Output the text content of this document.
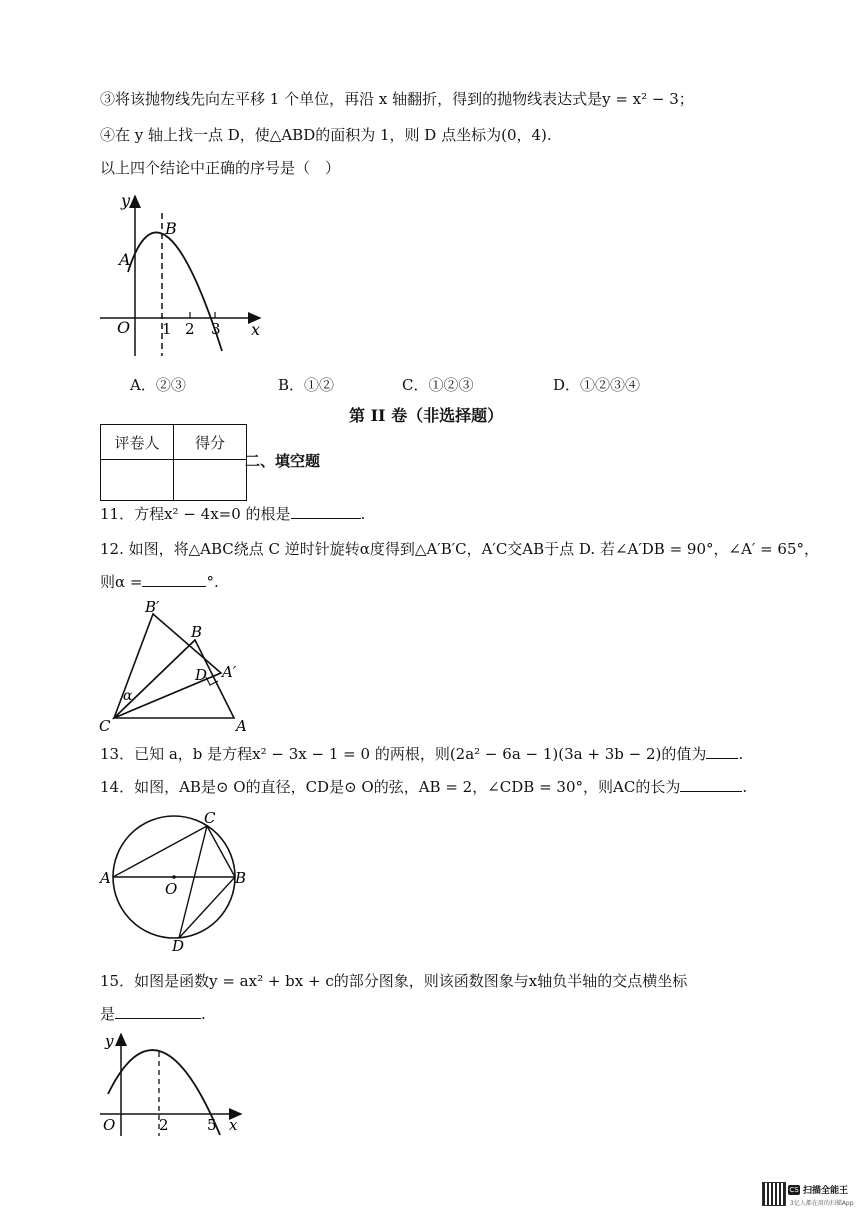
③将该抛物线先向左平移 1 个单位，再沿 x 轴翻折，得到的抛物线表达式是y = x² − 3；
④在 y 轴上找一点 D，使△ABD的面积为 1，则 D 点坐标为(0，4).
以上四个结论中正确的序号是（　）
y
x
O
A
B
1 2 3
A．②③	B．①②	C．①②③	D．①②③④
第 II 卷（非选择题）
评卷人	得分

二、填空题
11．方程x² − 4x=0 的根是	.
12. 如图，将△ABC绕点 C 逆时针旋转α度得到△A′B′C，A′C交AB于点 D. 若∠A′DB = 90°，∠A′ = 65°，
则α =	°.
B′
B
D A′
α
C	A
13．已知 a，b 是方程x² − 3x − 1 = 0 的两根，则(2a² − 6a − 1)(3a + 3b − 2)的值为 .
14．如图，AB是⊙ O的直径，CD是⊙ O的弦，AB = 2，∠CDB = 30°，则AC的长为	.
A	B
C
D
O
15．如图是函数y = ax² + bx + c的部分图象，则该函数图象与x轴负半轴的交点横坐标
是	.
y
x
O	2	5
CS 扫描全能王
3亿人都在用的扫描App
